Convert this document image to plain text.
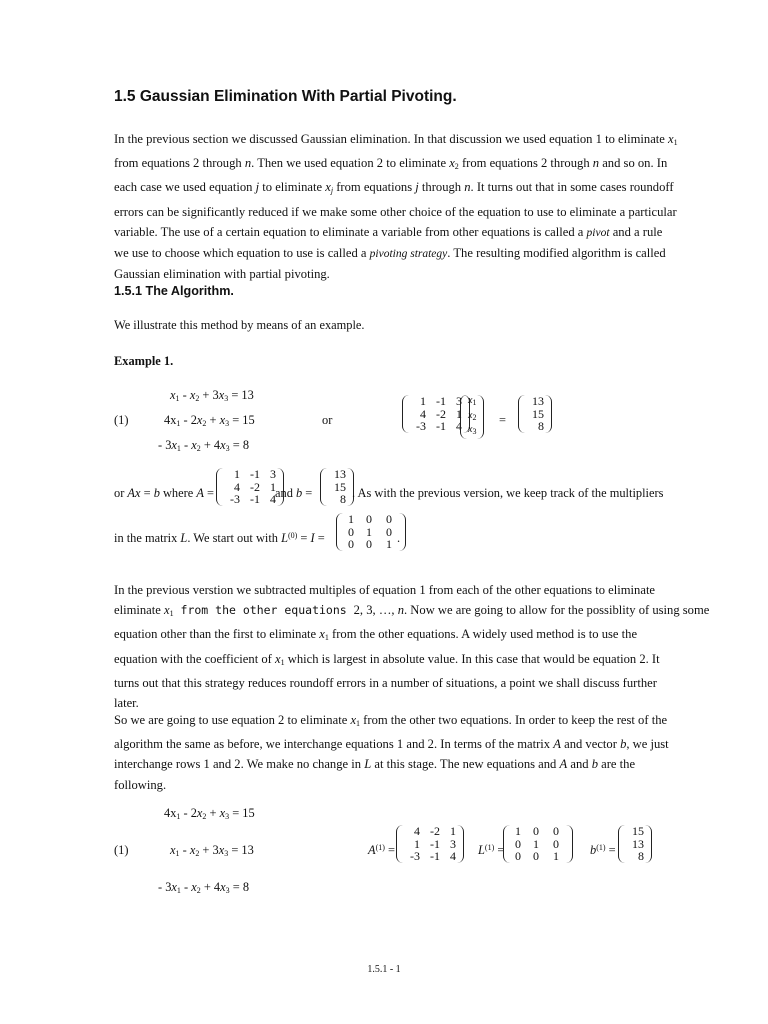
1.5 Gaussian Elimination With Partial Pivoting.
In the previous section we discussed Gaussian elimination. In that discussion we used equation 1 to eliminate $x_1$
from equations 2 through n. Then we used equation 2 to eliminate $x_2$ from equations 2 through n and so on. In
each case we used equation j to eliminate $x_j$ from equations j through n. It turns out that in some cases roundoff
errors can be significantly reduced if we make some other choice of the equation to use to eliminate a particular
variable. The use of a certain equation to eliminate a variable from other equations is called a pivot and a rule
we use to choose which equation to use is called a pivoting strategy. The resulting modified algorithm is called
Gaussian elimination with partial pivoting.
1.5.1 The Algorithm.
We illustrate this method by means of an example.
Example 1.
$x_1 - x_2 + 3x_3 = 13$
(1)	$4x_1 - 2x_2 + x_3 = 15$
- $3x_1 - x_2 + 4x_3 = 8$
or
1 -1 3
4 -2 1
-3 -1 4
$x_1$
$x_2$
$x_3$
=
13
15
8
or Ax = b where A =
1 -1 3
4 -2 1
-3 -1 4 and b =
13
15
8 . As with the previous version, we keep track of the multipliers
in the matrix L. We start out with $L^{(0)} = I$ =
1	0	0
0	1	0
0	0	1 .
In the previous verstion we subtracted multiples of equation 1 from each of the other equations to eliminate
eliminate $x_1$ from the other equations 2, 3, …, n. Now we are going to allow for the possiblity of using some
equation other than the first to eliminate $x_1$ from the other equations. A widely used method is to use the
equation with the coefficient of $x_1$ which is largest in absolute value. In this case that would be equation 2. It
turns out that this strategy reduces roundoff errors in a number of situations, a point we shall discuss further
later.
So we are going to use equation 2 to eliminate $x_1$ from the other two equations. In order to keep the rest of the
algorithm the same as before, we interchange equations 1 and 2. In terms of the matrix A and vector b, we just
interchange rows 1 and 2. We make no change in L at this stage. The new equations and A and b are the
following.
$4x_1 - 2x_2 + x_3 = 15$
(1)	$x_1 - x_2 + 3x_3 = 13$
- $3x_1 - x_2 + 4x_3 = 8$
$A^{(1)}$ =
4 -2 1
1 -1 3
-3 -1 4 $L^{(1)}$ =
1	0	0
0	1	0
0	0	1	$b^{(1)}$ =
15
13
8
1.5.1 - 1
